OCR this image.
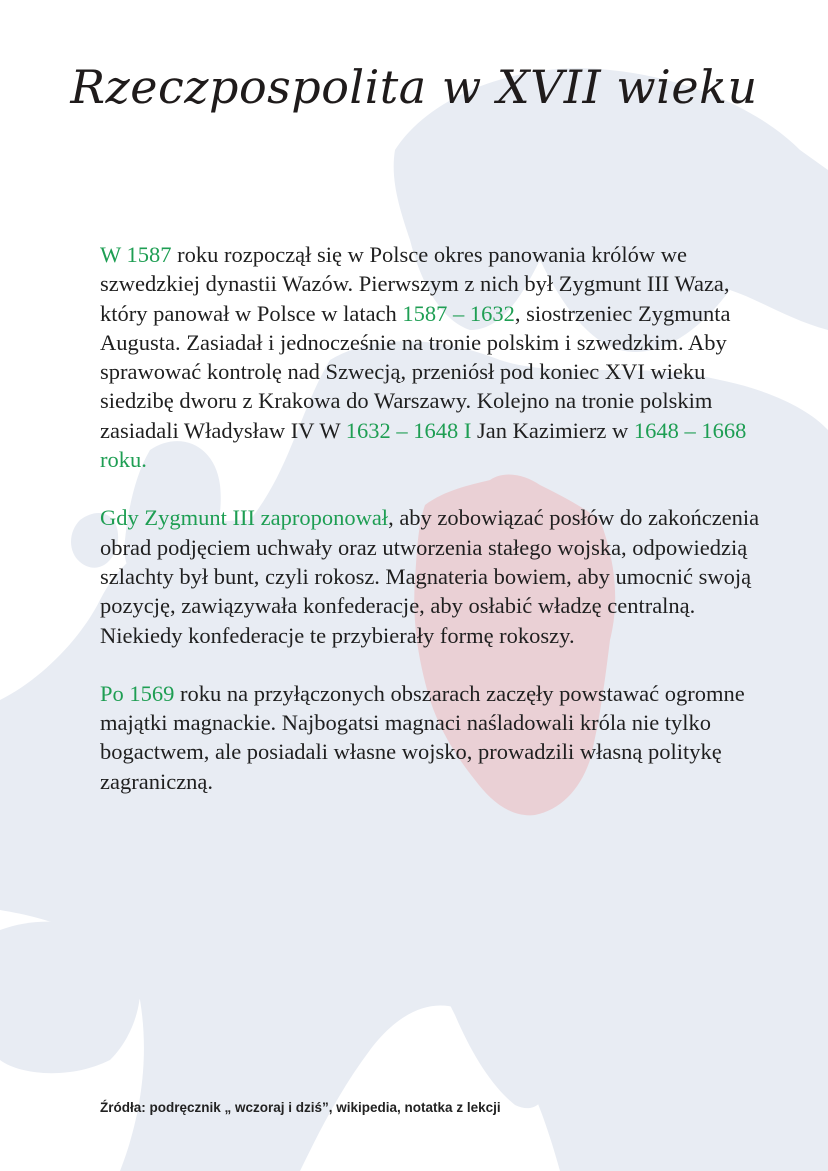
Rzeczpospolita w XVII wieku

W 1587 roku rozpoczął się w Polsce okres panowania królów we szwedzkiej dynastii Wazów. Pierwszym z nich był Zygmunt III Waza, który panował w Polsce w latach 1587 – 1632, siostrzeniec Zygmunta Augusta. Zasiadał i jednocześnie na tronie polskim i szwedzkim. Aby sprawować kontrolę nad Szwecją, przeniósł pod koniec XVI wieku siedzibę dworu z Krakowa do Warszawy. Kolejno na tronie polskim zasiadali Władysław IV W 1632 – 1648 I Jan Kazimierz w 1648 – 1668 roku.

Gdy Zygmunt III zaproponował, aby zobowiązać posłów do zakończenia obrad podjęciem uchwały oraz utworzenia stałego wojska, odpowiedzią szlachty był bunt, czyli rokosz. Magnateria bowiem, aby umocnić swoją pozycję, zawiązywała konfederacje, aby osłabić władzę centralną. Niekiedy konfederacje te przybierały formę rokoszy.

Po 1569 roku na przyłączonych obszarach zaczęły powstawać ogromne majątki magnackie. Najbogatsi magnaci naśladowali króla nie tylko bogactwem, ale posiadali własne wojsko, prowadzili własną politykę zagraniczną.

Źródła: podręcznik „ wczoraj i dziś”, wikipedia, notatka z lekcji
